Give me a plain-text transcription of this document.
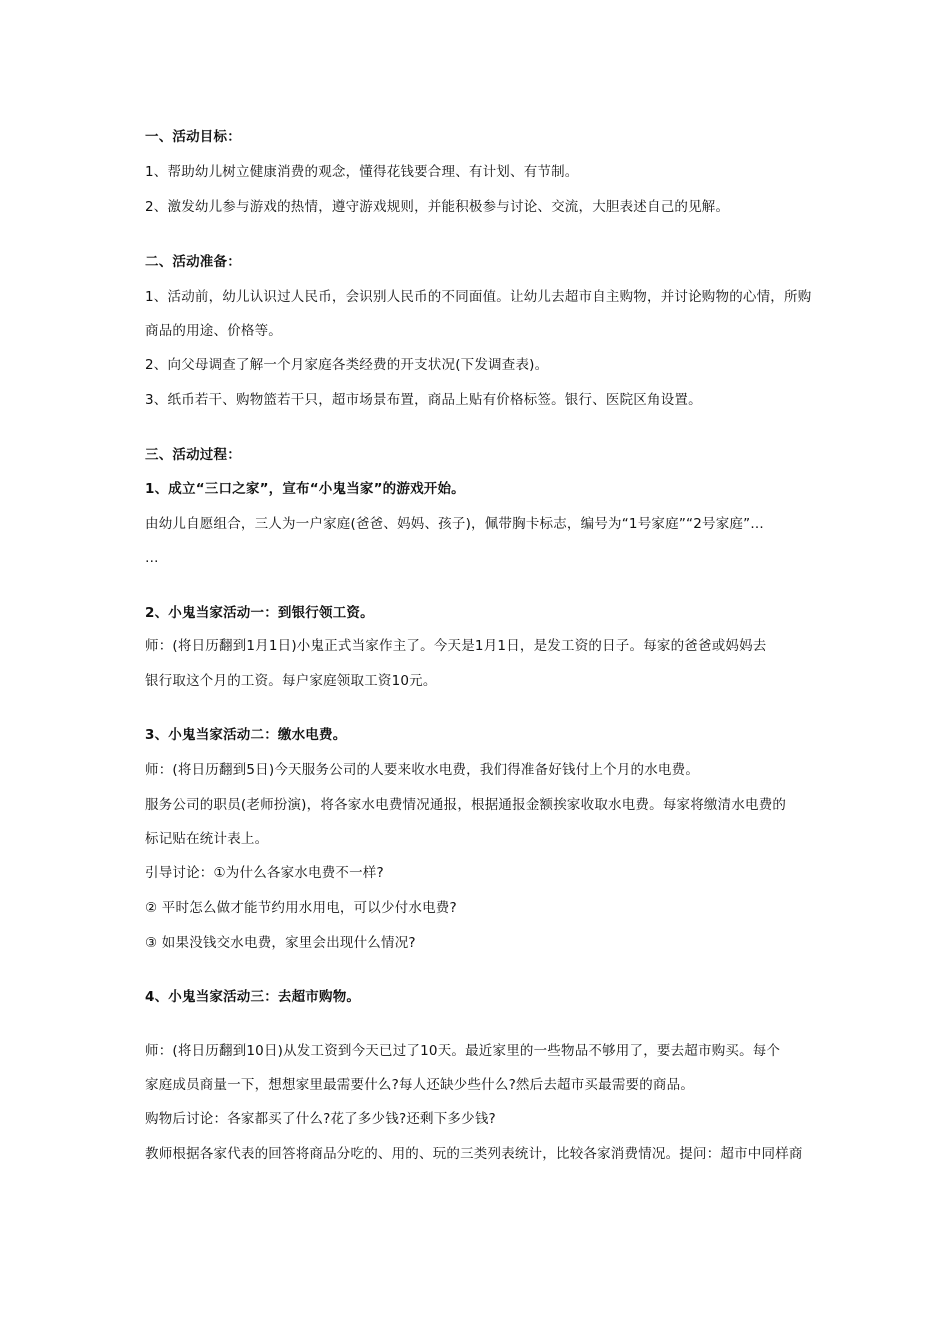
一、活动目标：
1、帮助幼儿树立健康消费的观念，懂得花钱要合理、有计划、有节制。
2、激发幼儿参与游戏的热情，遵守游戏规则，并能积极参与讨论、交流，大胆表述自己的见解。
二、活动准备：
1、活动前，幼儿认识过人民币，会识别人民币的不同面值。让幼儿去超市自主购物，并讨论购物的心情，所购
商品的用途、价格等。
2、向父母调查了解一个月家庭各类经费的开支状况(下发调查表)。
3、纸币若干、购物篮若干只，超市场景布置，商品上贴有价格标签。银行、医院区角设置。
三、活动过程：
1、成立“三口之家”，宣布“小鬼当家”的游戏开始。
由幼儿自愿组合，三人为一户家庭(爸爸、妈妈、孩子)，佩带胸卡标志，编号为“1号家庭”“2号家庭”…
…
2、小鬼当家活动一：到银行领工资。
师：(将日历翻到1月1日)小鬼正式当家作主了。今天是1月1日，是发工资的日子。每家的爸爸或妈妈去
银行取这个月的工资。每户家庭领取工资10元。
3、小鬼当家活动二：缴水电费。
师：(将日历翻到5日)今天服务公司的人要来收水电费，我们得准备好钱付上个月的水电费。
服务公司的职员(老师扮演)，将各家水电费情况通报，根据通报金额挨家收取水电费。每家将缴清水电费的
标记贴在统计表上。
引导讨论：①为什么各家水电费不一样?
② 平时怎么做才能节约用水用电，可以少付水电费?
③ 如果没钱交水电费，家里会出现什么情况?
4、小鬼当家活动三：去超市购物。
师：(将日历翻到10日)从发工资到今天已过了10天。最近家里的一些物品不够用了，要去超市购买。每个
家庭成员商量一下，想想家里最需要什么?每人还缺少些什么?然后去超市买最需要的商品。
购物后讨论：各家都买了什么?花了多少钱?还剩下多少钱?
教师根据各家代表的回答将商品分吃的、用的、玩的三类列表统计，比较各家消费情况。提问：超市中同样商
